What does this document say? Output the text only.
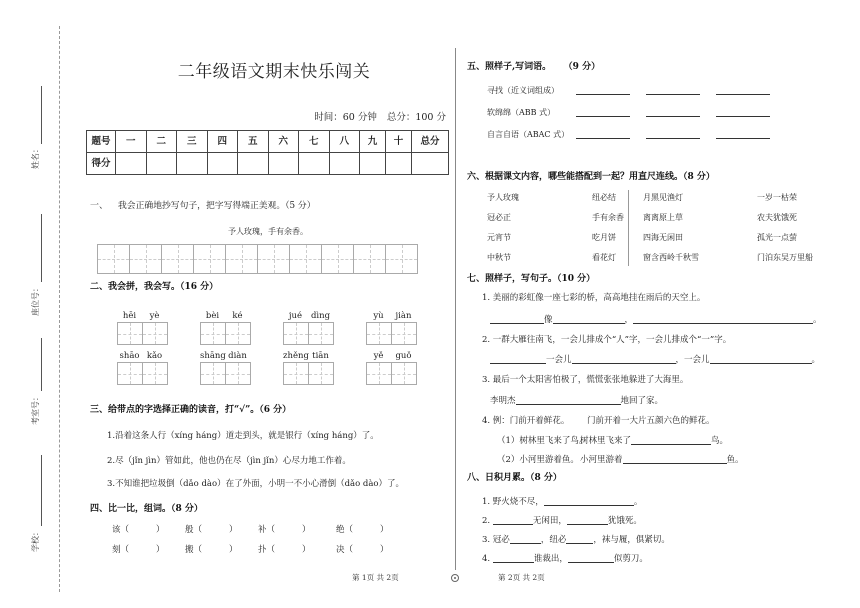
姓名：
座位号：
考室号：
学校：
二年级语文期末快乐闯关
时间：60 分钟 总分：100 分
题号	一	二	三	四	五	六	七	八	九	十	总分
得分											
一、 我会正确地抄写句子，把字写得端正美观。（5 分）
予人玫瑰，手有余香。
二、我会拼，我会写。（16 分）
hēi	yè	bèi	ké	jué	dìng	yù	jiàn
shāo kǎo	shāng diàn	zhěng tiān	yě	guǒ
三、给带点的字选择正确的读音，打“√”。（6 分）
1.沿着这条人行（xíng háng）道走到头，就是银行（xíng háng）了。
2.尽（jǐn jìn）管如此，他也仍在尽（jìn jǐn）心尽力地工作着。
3.不知谁把垃圾倒（dǎo dào）在了外面，小明一不小心滑倒（dǎo dào）了。
四、比一比，组词。（8 分）
该（          ） 般（          ） 补（          ）	绝（          ）
刻（          ） 搬（          ） 扑（          ）	决（          ）
第 1页 共 2页	第 2页 共 2页
五、照样子,写词语。    （9 分）
寻找（近义词组成）
软绵绵（ABB 式）
自言自语（ABAC 式）
六、根据课文内容，哪些能搭配到一起？用直尺连线。（8 分）
予人玫瑰
冠必正
元宵节
中秋节
纽必结
手有余香
吃月饼
看花灯
月黑见渔灯
离离原上草
四海无闲田
窗含西岭千秋雪
一岁一枯荣
农夫犹饿死
孤光一点萤
门泊东吴万里船
七、照样子，写句子。（10 分）
1. 美丽的彩虹像一座七彩的桥，高高地挂在雨后的天空上。
像	，	。
2. 一群大雁往南飞，一会儿排成个“人”字，一会儿排成个“一”字。
一会儿	，一会儿	。
3. 最后一个太阳害怕极了，慌慌张张地躲进了大海里。
李明杰	地回了家。
4. 例：门前开着鲜花。 门前开着一大片五颜六色的鲜花。
（1）树林里飞来了鸟。
树林里飞来了	鸟。
（2）小河里游着鱼。 小河里游着	鱼。
八、日积月累。（8 分）
1. 野火烧不尽，	。
2.	无闲田，	犹饿死。
3. 冠必	，纽必	，袜与履，俱紧切。
4.	谁裁出，	似剪刀。
